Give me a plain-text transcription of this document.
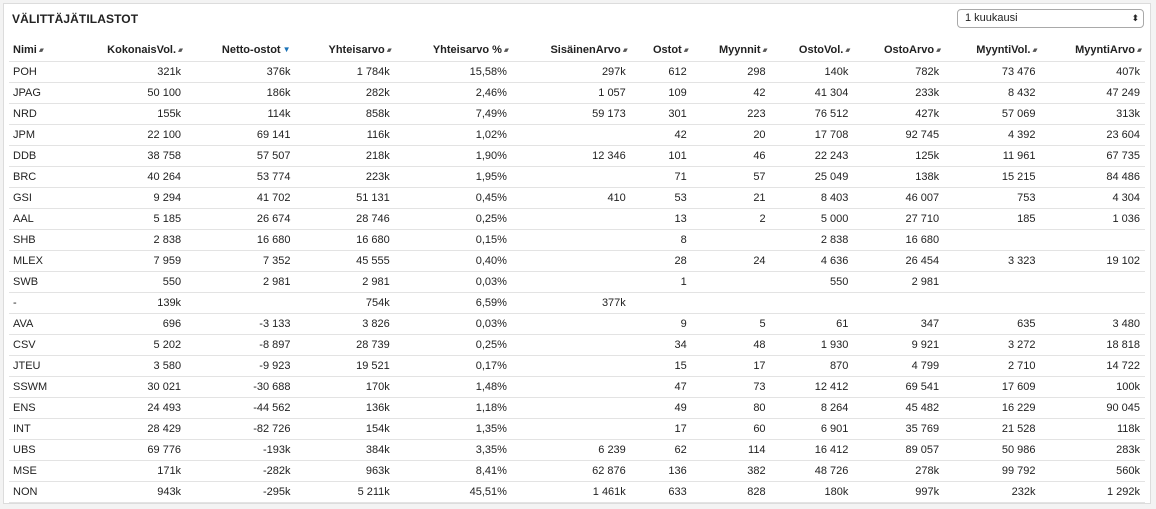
VÄLITTÄJÄTILASTOT	1 kuukausi	⬍
Nimi ▴▾	KokonaisVol. ▴▾	Netto-ostot ▼	Yhteisarvo ▴▾	Yhteisarvo % ▴▾	SisäinenArvo ▴▾	Ostot ▴▾	Myynnit ▴▾	OstoVol. ▴▾	OstoArvo ▴▾	MyyntiVol. ▴▾	MyyntiArvo ▴▾
POH	321k	376k	1 784k	15,58%	297k	612	298	140k	782k	73 476	407k
JPAG	50 100	186k	282k	2,46%	1 057	109	42	41 304	233k	8 432	47 249
NRD	155k	114k	858k	7,49%	59 173	301	223	76 512	427k	57 069	313k
JPM	22 100	69 141	116k	1,02%		42	20	17 708	92 745	4 392	23 604
DDB	38 758	57 507	218k	1,90%	12 346	101	46	22 243	125k	11 961	67 735
BRC	40 264	53 774	223k	1,95%		71	57	25 049	138k	15 215	84 486
GSI	9 294	41 702	51 131	0,45%	410	53	21	8 403	46 007	753	4 304
AAL	5 185	26 674	28 746	0,25%		13	2	5 000	27 710	185	1 036
SHB	2 838	16 680	16 680	0,15%		8		2 838	16 680		
MLEX	7 959	7 352	45 555	0,40%		28	24	4 636	26 454	3 323	19 102
SWB	550	2 981	2 981	0,03%		1		550	2 981		
-	139k		754k	6,59%	377k						
AVA	696	-3 133	3 826	0,03%		9	5	61	347	635	3 480
CSV	5 202	-8 897	28 739	0,25%		34	48	1 930	9 921	3 272	18 818
JTEU	3 580	-9 923	19 521	0,17%		15	17	870	4 799	2 710	14 722
SSWM	30 021	-30 688	170k	1,48%		47	73	12 412	69 541	17 609	100k
ENS	24 493	-44 562	136k	1,18%		49	80	8 264	45 482	16 229	90 045
INT	28 429	-82 726	154k	1,35%		17	60	6 901	35 769	21 528	118k
UBS	69 776	-193k	384k	3,35%	6 239	62	114	16 412	89 057	50 986	283k
MSE	171k	-282k	963k	8,41%	62 876	136	382	48 726	278k	99 792	560k
NON	943k	-295k	5 211k	45,51%	1 461k	633	828	180k	997k	232k	1 292k
